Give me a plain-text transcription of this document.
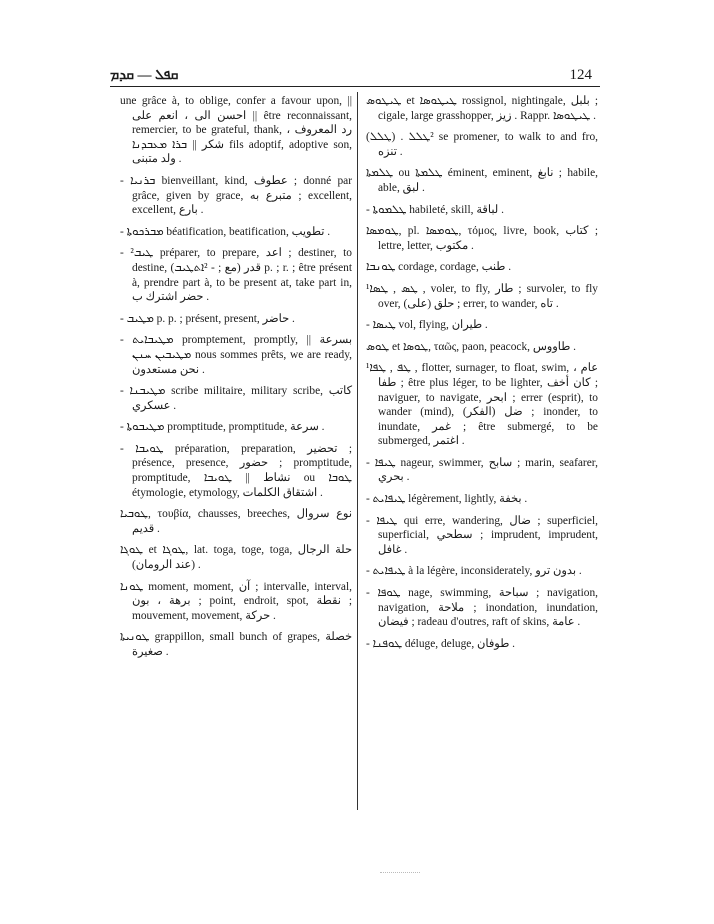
ܩܦܠ — ܩܕܡ	124

une grâce à, to oblige, confer a favour upon, || احسن الى ، انعم على || être reconnaissant, remercier, to be grateful, thank, رد المعروف ، شكر || ܒܪܐ ܡܥܒܕܢܐ fils adoptif, adoptive son, ولد متبنى .

- ܒܪܢܝܐ bienveillant, kind, عطوف ; donné par grâce, given by grace, متبرع به ; excellent, excellent, بارع .

- ܡܒܪܟܘܬܐ béatification, beatification, تطويب .

- ²ܛܝܒ préparer, to prepare, اعد ; destiner, to destine, (قدر (مع ; - ²ܐܬܛܝܒ p. ; r. ; être présent à, prendre part à, to be present at, take part in, حضر اشترك ب .

- ܡܛܝܒ p. p. ; présent, present, حاضر .

- ܡܛܝܒܐܝܬ promptement, promptly, بسرعة || ܡܛܝܒܝܢ ܚܢܢ nous sommes prêts, we are ready, نحن مستعدون .

- ܡܛܝܒܢܐ scribe militaire, military scribe, كاتب عسكري .

- ܡܛܝܒܘܬܐ promptitude, promptitude, سرعة .

- ܛܘܝܒܐ préparation, preparation, تحضير ; présence, presence, حضور ; promptitude, promptitude, نشاط || ܛܘܝܒܐ ou ܛܘܒܐ étymologie, etymology, اشتقاق الكلمات .

ܛܘܒܝܐ, τουβία, chausses, breeches, نوع سروال قديم .

ܛܘܓܐ et ܛܘܓܐ, lat. toga, toge, toga, حلة الرجال (عند الرومان) .

ܛܘܢܐ moment, moment, آن ; intervalle, interval, برهة ، بون ; point, endroit, spot, نقطة ; mouvement, movement, حركة .

ܛܘܢܝܬܐ grappillon, small bunch of grapes, خصلة صغيرة .

ܛܝܛܘܣ et ܛܝܛܘܣܐ rossignol, nightingale, بلبل ; cigale, large grasshopper, زيز . Rappr. ܛܝܛܘܣܐ .

(ܛܠܠ) . ²ܛܠܠ se promener, to walk to and fro, تنزه .

ܛܠܡܬܐ ou ܛܠܡܬܐ éminent, eminent, نابغ ; habile, able, لبق .

- ܛܠܡܘܬܐ habileté, skill, لباقة .

ܛܘܡܣܐ, pl. ܛܘܡܣܐ, τόμος, livre, book, كتاب ; lettre, letter, مكتوب .

ܛܘܢܒܐ cordage, cordage, طنب .

¹ܛܣ , ܛܣܐ , voler, to fly, طار ; survoler, to fly over, (حلق (على ; errer, to wander, تاه .

- ܛܝܣܐ vol, flying, طيران .

ܛܘܣ et ܛܘܣܐ, ταῶς, paon, peacock, طاووس .

¹ܛܦ , ܛܦܐ , flotter, surnager, to float, swim, عام ، طفا ; être plus léger, to be lighter, كان أخف ; naviguer, to navigate, ابحر ; errer (esprit), to wander (mind), (ضل (الفكر ; inonder, to inundate, غمر ; être submergé, to be submerged, اغتمر .

- ܛܝܦܐ nageur, swimmer, سابح ; marin, seafarer, بحري .

- ܛܝܦܐܝܬ légèrement, lightly, بخفة .

- ܛܝܦܐ qui erre, wandering, ضال ; superficiel, superficial, سطحي ; imprudent, imprudent, غافل .

- ܛܝܦܐܝܬ à la légère, inconsiderately, بدون ترو .

- ܛܘܦܐ nage, swimming, سباحة ; navigation, navigation, ملاحة ; inondation, inundation, فيضان ; radeau d'outres, raft of skins, عامة .

- ܛܘܦܢܐ déluge, deluge, طوفان .
